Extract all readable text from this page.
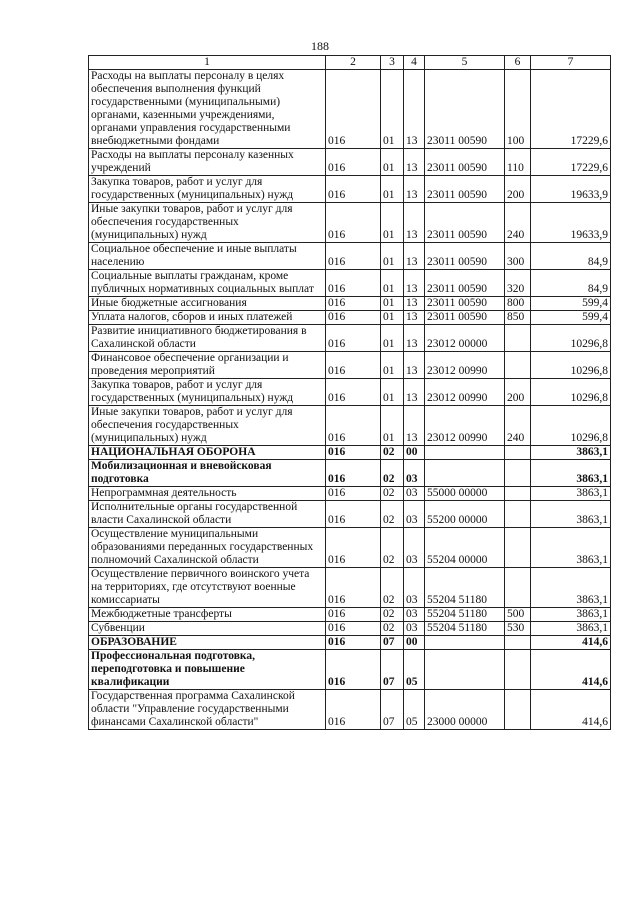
188
1	2	3	4	5	6	7
Расходы на выплаты персоналу в целях обеспечения выполнения функций государственными (муниципальными) органами, казенными учреждениями, органами управления государственными внебюджетными фондами	016	01	13	23011 00590	100	17229,6
Расходы на выплаты персоналу казенных учреждений	016	01	13	23011 00590	110	17229,6
Закупка товаров, работ и услуг для государственных (муниципальных) нужд	016	01	13	23011 00590	200	19633,9
Иные закупки товаров, работ и услуг для обеспечения государственных (муниципальных) нужд	016	01	13	23011 00590	240	19633,9
Социальное обеспечение и иные выплаты населению	016	01	13	23011 00590	300	84,9
Социальные выплаты гражданам, кроме публичных нормативных социальных выплат	016	01	13	23011 00590	320	84,9
Иные бюджетные ассигнования	016	01	13	23011 00590	800	599,4
Уплата налогов, сборов и иных платежей	016	01	13	23011 00590	850	599,4
Развитие инициативного бюджетирования в Сахалинской области	016	01	13	23012 00000		10296,8
Финансовое обеспечение организации и проведения мероприятий	016	01	13	23012 00990		10296,8
Закупка товаров, работ и услуг для государственных (муниципальных) нужд	016	01	13	23012 00990	200	10296,8
Иные закупки товаров, работ и услуг для обеспечения государственных (муниципальных) нужд	016	01	13	23012 00990	240	10296,8
НАЦИОНАЛЬНАЯ ОБОРОНА	016	02	00			3863,1
Мобилизационная и вневойсковая подготовка	016	02	03			3863,1
Непрограммная деятельность	016	02	03	55000 00000		3863,1
Исполнительные органы государственной власти Сахалинской области	016	02	03	55200 00000		3863,1
Осуществление муниципальными образованиями переданных государственных полномочий Сахалинской области	016	02	03	55204 00000		3863,1
Осуществление первичного воинского учета на территориях, где отсутствуют военные комиссариаты	016	02	03	55204 51180		3863,1
Межбюджетные трансферты	016	02	03	55204 51180	500	3863,1
Субвенции	016	02	03	55204 51180	530	3863,1
ОБРАЗОВАНИЕ	016	07	00			414,6
Профессиональная подготовка, переподготовка и повышение квалификации	016	07	05			414,6
Государственная программа Сахалинской области "Управление государственными финансами Сахалинской области"	016	07	05	23000 00000		414,6
